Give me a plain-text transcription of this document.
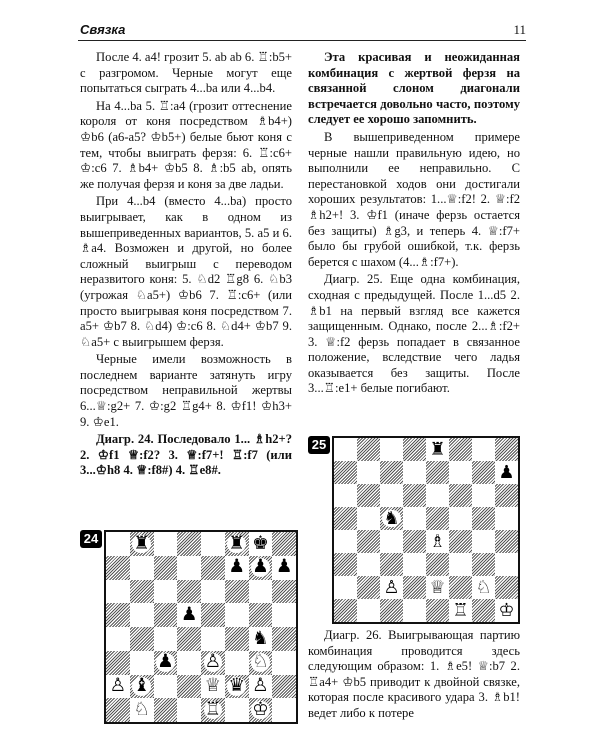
Связка	11

После 4. а4! грозит 5. ab ab 6. ♖:b5+ с разгромом. Черные могут еще попытаться сыграть 4...ba или 4...b4.

На 4...ba 5. ♖:a4 (грозит оттеснение короля от коня посредством ♗b4+) ♔b6 (a6-a5? ♔b5+) белые бьют коня с тем, чтобы выиграть ферзя: 6. ♖:c6+ ♔:c6 7. ♗b4+ ♔b5 8. ♗:b5 ab, опять же получая ферзя и коня за две ладьи.

При 4...b4 (вместо 4...ba) просто выигрывает, как в одном из вышеприведенных вариантов, 5. a5 и 6. ♗a4. Возможен и другой, но более сложный выигрыш с переводом неразвитого коня: 5. ♘d2 ♖g8 6. ♘b3 (угрожая ♘a5+) ♔b6 7. ♖:c6+ (или просто выигрывая коня посредством 7. a5+ ♔b7 8. ♘d4) ♔:c6 8. ♘d4+ ♔b7 9. ♘a5+ с выигрышем ферзя.

Черные имели возможность в последнем варианте затянуть игру посредством неправильной жертвы 6...♕:g2+ 7. ♔:g2 ♖g4+ 8. ♔f1! ♔h3+ 9. ♔e1.

Диагр. 24. Последовало 1... ♗h2+? 2. ♔f1 ♕:f2? 3. ♕:f7+! ♖:f7 (или 3...♔h8 4. ♕:f8#) 4. ♖e8#.

Эта красивая и неожиданная комбинация с жертвой ферзя на связанной слоном диагонали встречается довольно часто, поэтому следует ее хорошо запомнить.

В вышеприведенном примере черные нашли правильную идею, но выполнили ее неправильно. С перестановкой ходов они достигали хороших результатов: 1...♕:f2! 2. ♕:f2 ♗h2+! 3. ♔f1 (иначе ферзь остается без защиты) ♗g3, и теперь 4. ♕:f7+ было бы грубой ошибкой, т.к. ферзь берется с шахом (4...♗:f7+).

Диагр. 25. Еще одна комбинация, сходная с предыдущей. После 1...d5 2. ♗b1 на первый взгляд все кажется защищенным. Однако, после 2...♗:f2+ 3. ♕:f2 ферзь попадает в связанное положение, вследствие чего ладья оказывается без защиты. После 3...♖:e1+ белые погибают.

25	♜
♟
♞
♗
♙ ♕ ♘
♖ ♔

Диагр. 26. Выигрывающая партию комбинация проводится здесь следующим образом: 1. ♗e5! ♕:b7 2. ♖a4+ ♔b5 приводит к двойной связке, которая после красивого удара 3. ♗b1! ведет либо к потере

24 ♜	♜ ♚
♟ ♟ ♟
♟
♞
♟ ♙ ♘
♙ ♝	♕ ♛ ♙
♘	♖ ♔
